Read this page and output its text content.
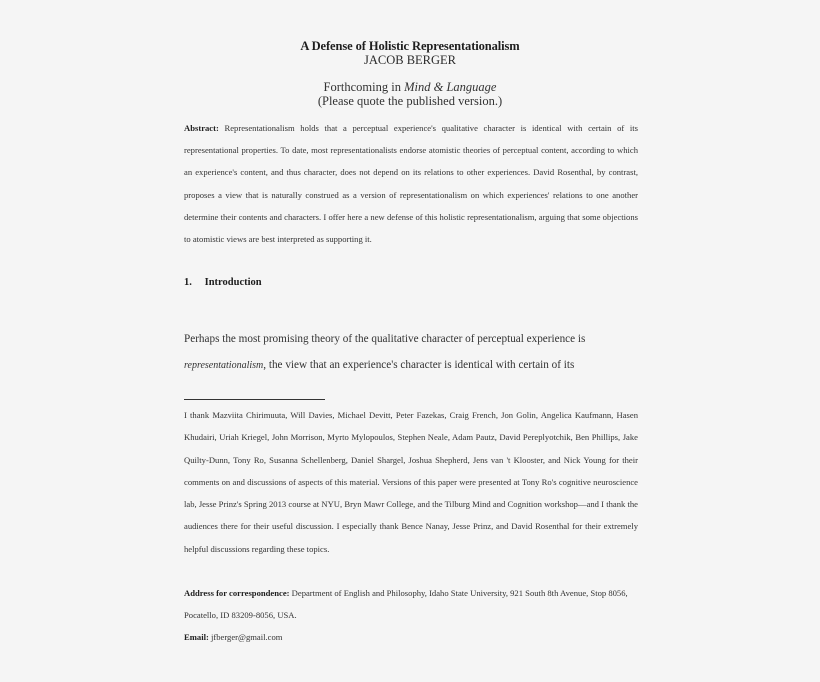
A Defense of Holistic Representationalism
JACOB BERGER
Forthcoming in Mind & Language
(Please quote the published version.)
Abstract: Representationalism holds that a perceptual experience's qualitative character is identical with certain of its representational properties. To date, most representationalists endorse atomistic theories of perceptual content, according to which an experience's content, and thus character, does not depend on its relations to other experiences. David Rosenthal, by contrast, proposes a view that is naturally construed as a version of representationalism on which experiences' relations to one another determine their contents and characters. I offer here a new defense of this holistic representationalism, arguing that some objections to atomistic views are best interpreted as supporting it.
1. Introduction
Perhaps the most promising theory of the qualitative character of perceptual experience is
representationalism, the view that an experience's character is identical with certain of its
I thank Mazviita Chirimuuta, Will Davies, Michael Devitt, Peter Fazekas, Craig French, Jon Golin, Angelica Kaufmann, Hasen Khudairi, Uriah Kriegel, John Morrison, Myrto Mylopoulos, Stephen Neale, Adam Pautz, David Pereplyotchik, Ben Phillips, Jake Quilty-Dunn, Tony Ro, Susanna Schellenberg, Daniel Shargel, Joshua Shepherd, Jens van 't Klooster, and Nick Young for their comments on and discussions of aspects of this material. Versions of this paper were presented at Tony Ro's cognitive neuroscience lab, Jesse Prinz's Spring 2013 course at NYU, Bryn Mawr College, and the Tilburg Mind and Cognition workshop—and I thank the audiences there for their useful discussion. I especially thank Bence Nanay, Jesse Prinz, and David Rosenthal for their extremely helpful discussions regarding these topics.
Address for correspondence: Department of English and Philosophy, Idaho State University, 921 South 8th Avenue, Stop 8056, Pocatello, ID 83209-8056, USA.
Email: jfberger@gmail.com
